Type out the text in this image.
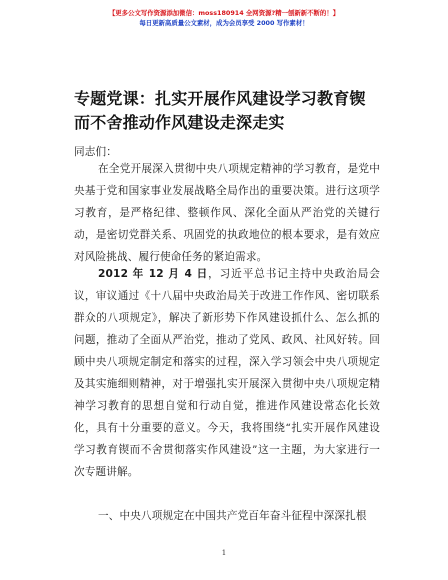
【更多公文写作资源添加微信：moss180914 全网资源?精一刨新新不断的！】
每日更新高质量公文素材，成为会员享受 2000 写作素材！
专题党课：扎实开展作风建设学习教育锲而不舍推动作风建设走深走实

同志们：

在全党开展深入贯彻中央八项规定精神的学习教育，是党中央基于党和国家事业发展战略全局作出的重要决策。进行这项学习教育，是严格纪律、整顿作风、深化全面从严治党的关键行动，是密切党群关系、巩固党的执政地位的根本要求，是有效应对风险挑战、履行使命任务的紧迫需求。

2012 年 12 月 4 日，习近平总书记主持中央政治局会议，审议通过《十八届中央政治局关于改进工作作风、密切联系群众的八项规定》，解决了新形势下作风建设抓什么、怎么抓的问题，推动了全面从严治党，推动了党风、政风、社风好转。回顾中央八项规定制定和落实的过程，深入学习领会中央八项规定及其实施细则精神，对于增强扎实开展深入贯彻中央八项规定精神学习教育的思想自觉和行动自觉，推进作风建设常态化长效化，具有十分重要的意义。今天，我将围绕“扎实开展作风建设学习教育锲而不舍贯彻落实作风建设”这一主题，为大家进行一次专题讲解。

一、中央八项规定在中国共产党百年奋斗征程中深深扎根

1
